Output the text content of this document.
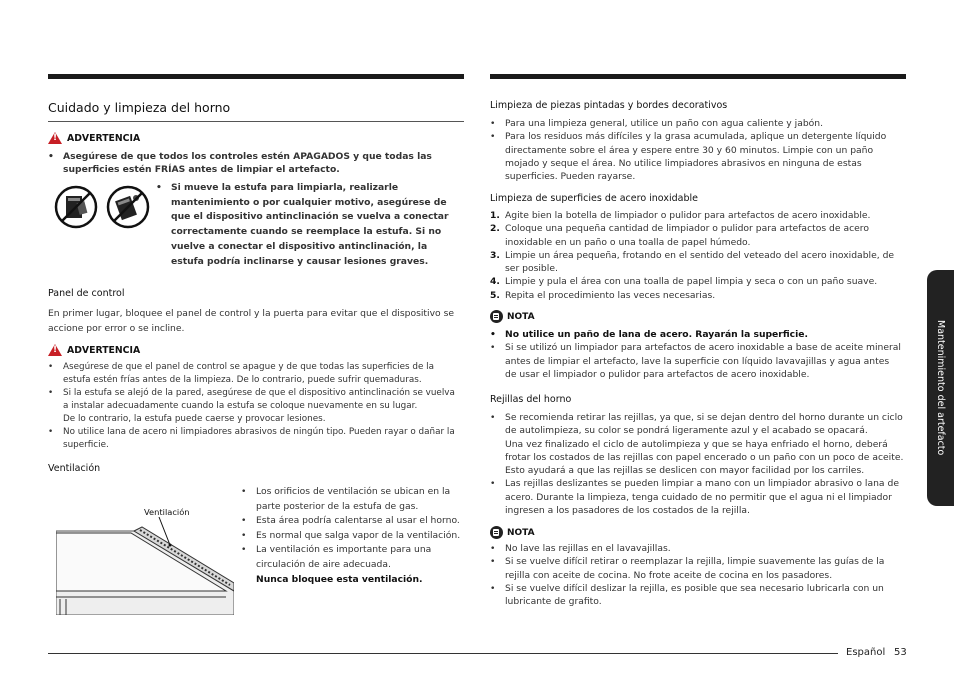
Cuidado y limpieza del horno
!
ADVERTENCIA
• Asegúrese de que todos los controles estén APAGADOS y que todas las superficies estén FRÍAS antes de limpiar el artefacto.
• Si mueve la estufa para limpiarla, realizarle mantenimiento o por cualquier motivo, asegúrese de que el dispositivo antinclinación se vuelva a conectar correctamente cuando se reemplace la estufa. Si no vuelve a conectar el dispositivo antinclinación, la estufa podría inclinarse y causar lesiones graves.
Panel de control
En primer lugar, bloquee el panel de control y la puerta para evitar que el dispositivo se accione por error o se incline.
!
ADVERTENCIA
• Asegúrese de que el panel de control se apague y de que todas las superficies de la estufa estén frías antes de la limpieza. De lo contrario, puede sufrir quemaduras.
• Si la estufa se alejó de la pared, asegúrese de que el dispositivo antinclinación se vuelva a instalar adecuadamente cuando la estufa se coloque nuevamente en su lugar.
De lo contrario, la estufa puede caerse y provocar lesiones.
• No utilice lana de acero ni limpiadores abrasivos de ningún tipo. Pueden rayar o dañar la superficie.
Ventilación
Ventilación
• Los orificios de ventilación se ubican en la parte posterior de la estufa de gas.
• Esta área podría calentarse al usar el horno.
• Es normal que salga vapor de la ventilación.
• La ventilación es importante para una circulación de aire adecuada.
Nunca bloquee esta ventilación.
Limpieza de piezas pintadas y bordes decorativos
• Para una limpieza general, utilice un paño con agua caliente y jabón.
• Para los residuos más difíciles y la grasa acumulada, aplique un detergente líquido directamente sobre el área y espere entre 30 y 60 minutos. Limpie con un paño mojado y seque el área. No utilice limpiadores abrasivos en ninguna de estas superficies. Pueden rayarse.
Limpieza de superficies de acero inoxidable
1. Agite bien la botella de limpiador o pulidor para artefactos de acero inoxidable.
2. Coloque una pequeña cantidad de limpiador o pulidor para artefactos de acero inoxidable en un paño o una toalla de papel húmedo.
3. Limpie un área pequeña, frotando en el sentido del veteado del acero inoxidable, de ser posible.
4. Limpie y pula el área con una toalla de papel limpia y seca o con un paño suave.
5. Repita el procedimiento las veces necesarias.
NOTA
• No utilice un paño de lana de acero. Rayarán la superficie.
• Si se utilizó un limpiador para artefactos de acero inoxidable a base de aceite mineral antes de limpiar el artefacto, lave la superficie con líquido lavavajillas y agua antes de usar el limpiador o pulidor para artefactos de acero inoxidable.
Rejillas del horno
• Se recomienda retirar las rejillas, ya que, si se dejan dentro del horno durante un ciclo de autolimpieza, su color se pondrá ligeramente azul y el acabado se opacará.
Una vez finalizado el ciclo de autolimpieza y que se haya enfriado el horno, deberá frotar los costados de las rejillas con papel encerado o un paño con un poco de aceite. Esto ayudará a que las rejillas se deslicen con mayor facilidad por los carriles.
• Las rejillas deslizantes se pueden limpiar a mano con un limpiador abrasivo o lana de acero. Durante la limpieza, tenga cuidado de no permitir que el agua ni el limpiador ingresen a los pasadores de los costados de la rejilla.
NOTA
• No lave las rejillas en el lavavajillas.
• Si se vuelve difícil retirar o reemplazar la rejilla, limpie suavemente las guías de la rejilla con aceite de cocina. No frote aceite de cocina en los pasadores.
• Si se vuelve difícil deslizar la rejilla, es posible que sea necesario lubricarla con un lubricante de grafito.
Mantenimiento del artefacto
Español 53
